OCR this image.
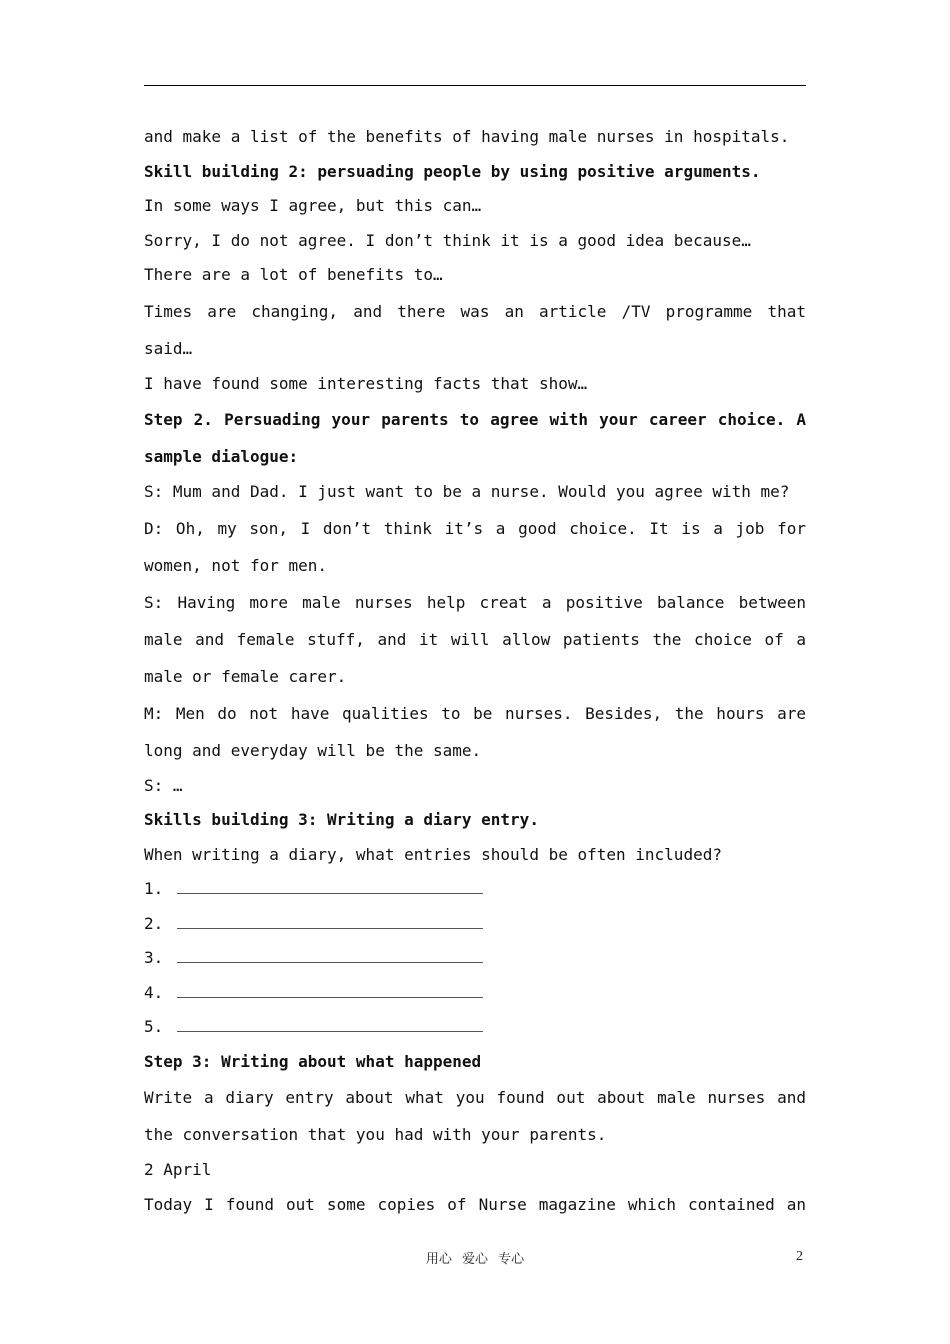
and make a list of the benefits of having male nurses in hospitals.
Skill building 2: persuading people by using positive arguments.
In some ways I agree, but this can…
Sorry, I do not agree. I don’t think it is a good idea because…
There are a lot of benefits to…
Times are changing, and there was an article /TV programme that said…
I have found some interesting facts that show…
Step 2. Persuading your parents to agree with your career choice. A sample dialogue:
S: Mum and Dad. I just want to be a nurse. Would you agree with me?
D: Oh, my son, I don’t think it’s a good choice. It is a job for women, not for men.
S: Having more male nurses help creat a positive balance between male and female stuff, and it will allow patients the choice of a male or female carer.
M: Men do not have qualities to be nurses. Besides, the hours are long and everyday will be the same.
S: …
Skills building 3: Writing a diary entry.
When writing a diary, what entries should be often included?
1.
2.
3.
4.
5.
Step 3: Writing about what happened
Write a diary entry about what you found out about male nurses and the conversation that you had with your parents.
2 April
Today I found out some copies of Nurse magazine which contained an
用心 爱心 专心	2
